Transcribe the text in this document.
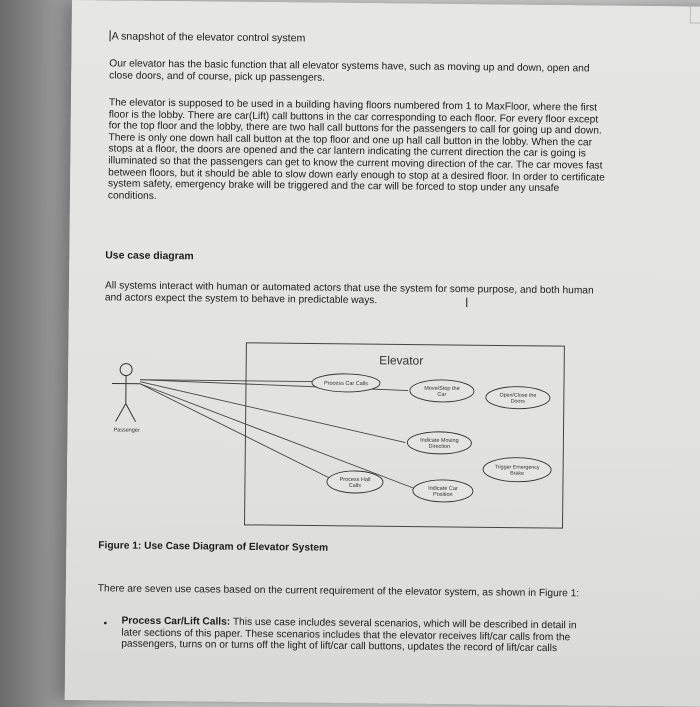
A snapshot of the elevator control system
Our elevator has the basic function that all elevator systems have, such as moving up and down, open and close doors, and of course, pick up passengers.
The elevator is supposed to be used in a building having floors numbered from 1 to MaxFloor, where the first floor is the lobby. There are car(Lift) call buttons in the car corresponding to each floor. For every floor except for the top floor and the lobby, there are two hall call buttons for the passengers to call for going up and down. There is only one down hall call button at the top floor and one up hall call button in the lobby. When the car stops at a floor, the doors are opened and the car lantern indicating the current direction the car is going is illuminated so that the passengers can get to know the current moving direction of the car. The car moves fast between floors, but it should be able to slow down early enough to stop at a desired floor. In order to certificate system safety, emergency brake will be triggered and the car will be forced to stop under any unsafe conditions.
Use case diagram
All systems interact with human or automated actors that use the system for some purpose, and both human and actors expect the system to behave in predictable ways.	I
Elevator
Passenger
Process Car Calls
Move/Stop the
Car	Open/Close the
Doors
Indicate Moving
Direction
Trigger Emergency
Brake
Process Hall
Calls	Indicate Car
Position
Figure 1: Use Case Diagram of Elevator System
There are seven use cases based on the current requirement of the elevator system, as shown in Figure 1:
• Process Car/Lift Calls: This use case includes several scenarios, which will be described in detail in later sections of this paper. These scenarios includes that the elevator receives lift/car calls from the passengers, turns on or turns off the light of lift/car call buttons, updates the record of lift/car calls
